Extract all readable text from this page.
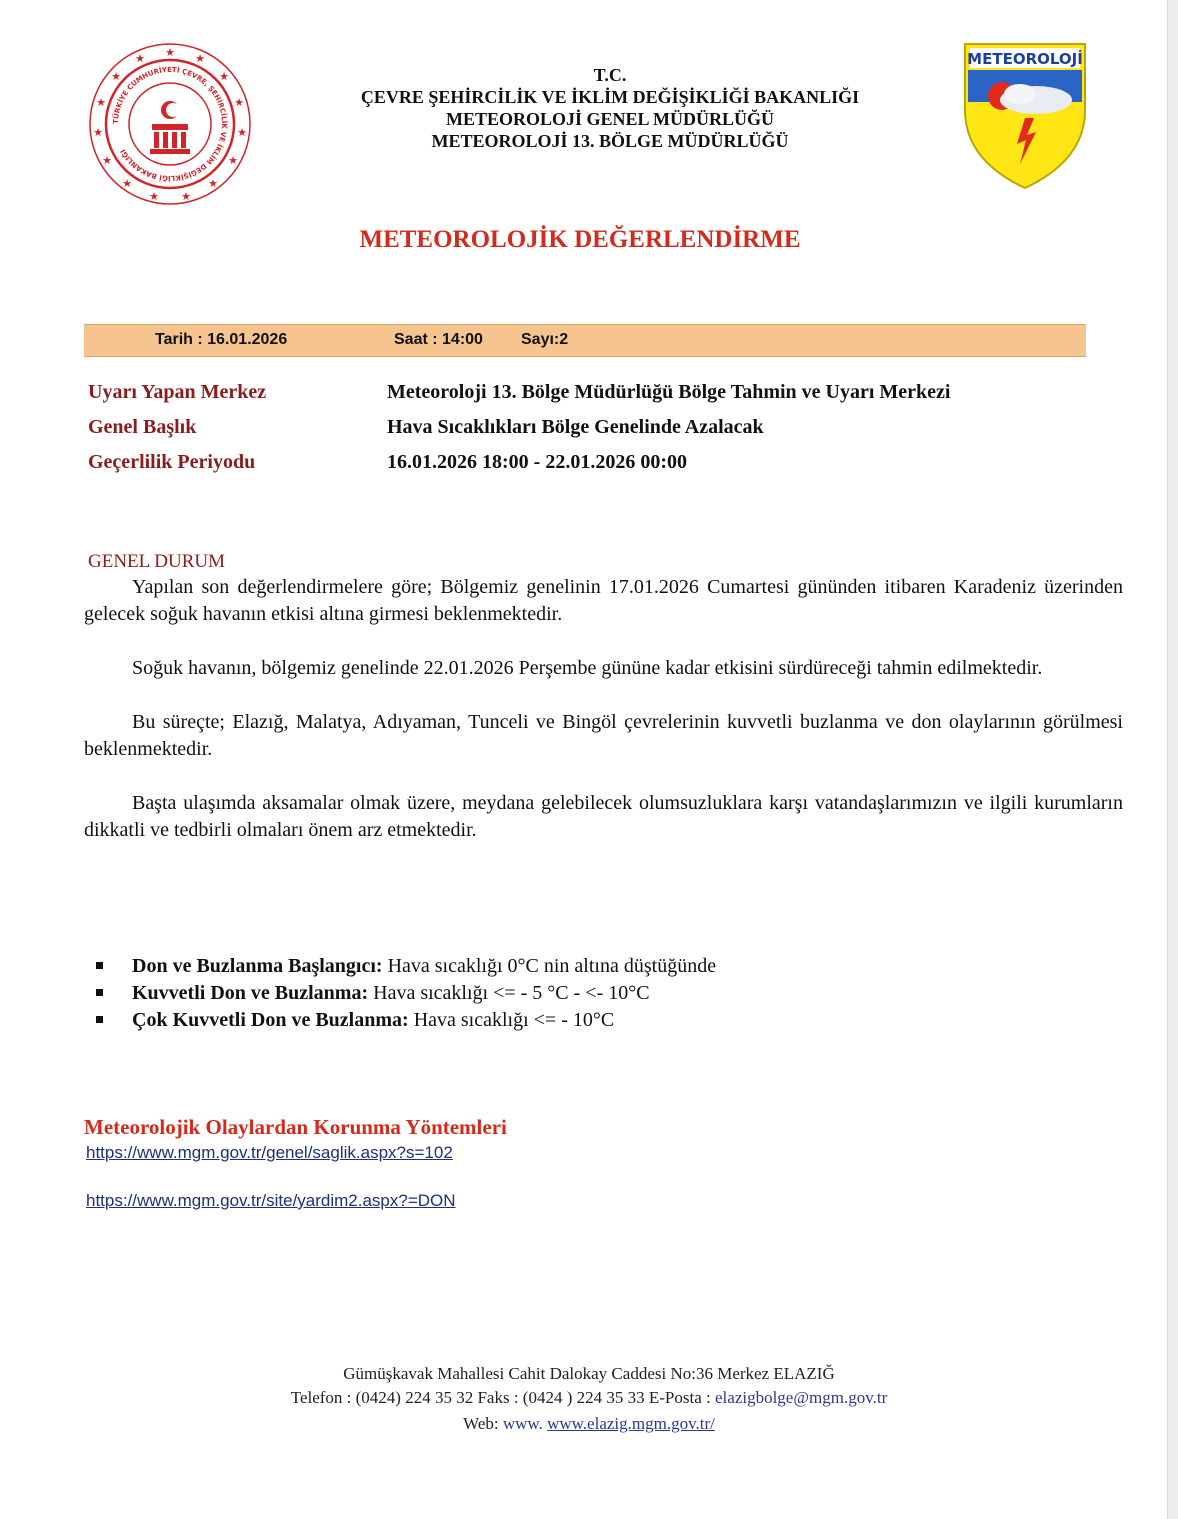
★ ★
★
★
★
★
★
★
★
★
★
★
★
★
★
TÜRKİYE CUMHURİYETİ ÇEVRE, ŞEHİRCİLİK VE İKLİM DEĞİŞİKLİĞİ BAKANLIĞI
METEOROLOJİ
T.C.
ÇEVRE ŞEHİRCİLİK VE İKLİM DEĞİŞİKLİĞİ BAKANLIĞI
METEOROLOJİ GENEL MÜDÜRLÜĞÜ
METEOROLOJİ 13. BÖLGE MÜDÜRLÜĞÜ
METEOROLOJİK DEĞERLENDİRME
Tarih : 16.01.2026	Saat : 14:00 Sayı:2
Uyarı Yapan Merkez	Meteoroloji 13. Bölge Müdürlüğü Bölge Tahmin ve Uyarı Merkezi
Genel Başlık	Hava Sıcaklıkları Bölge Genelinde Azalacak
Geçerlilik Periyodu	16.01.2026 18:00 - 22.01.2026 00:00
GENEL DURUM

Yapılan son değerlendirmelere göre; Bölgemiz genelinin 17.01.2026 Cumartesi gününden itibaren Karadeniz üzerinden gelecek soğuk havanın etkisi altına girmesi beklenmektedir.

Soğuk havanın, bölgemiz genelinde 22.01.2026 Perşembe gününe kadar etkisini sürdüreceği tahmin edilmektedir.

Bu süreçte; Elazığ, Malatya, Adıyaman, Tunceli ve Bingöl çevrelerinin kuvvetli buzlanma ve don olaylarının görülmesi beklenmektedir.

Başta ulaşımda aksamalar olmak üzere, meydana gelebilecek olumsuzluklara karşı vatandaşlarımızın ve ilgili kurumların dikkatli ve tedbirli olmaları önem arz etmektedir.

Don ve Buzlanma Başlangıcı: Hava sıcaklığı 0°C nin altına düştüğünde
Kuvvetli Don ve Buzlanma: Hava sıcaklığı <= - 5 °C - <- 10°C
Çok Kuvvetli Don ve Buzlanma: Hava sıcaklığı <= - 10°C
Meteorolojik Olaylardan Korunma Yöntemleri
https://www.mgm.gov.tr/genel/saglik.aspx?s=102
https://www.mgm.gov.tr/site/yardim2.aspx?=DON
Gümüşkavak Mahallesi Cahit Dalokay Caddesi No:36 Merkez ELAZIĞ
Telefon : (0424) 224 35 32 Faks : (0424 ) 224 35 33 E-Posta : elazigbolge@mgm.gov.tr
Web: www. www.elazig.mgm.gov.tr/
